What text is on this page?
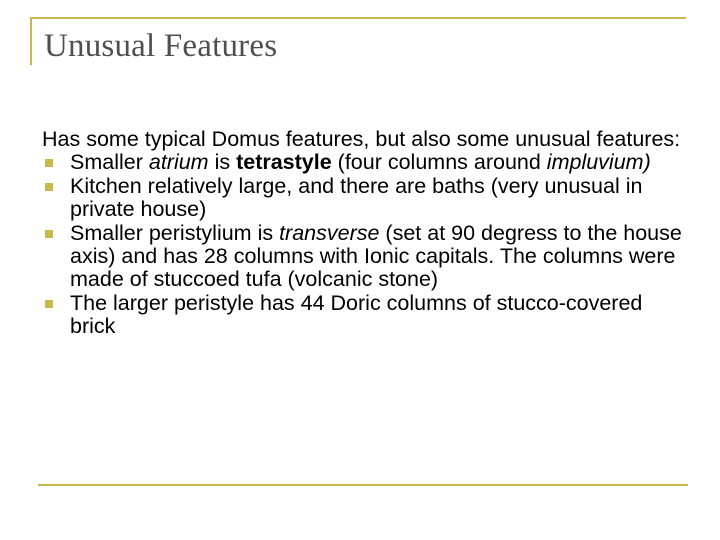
Unusual Features

Has some typical Domus features, but also some unusual features:

Smaller atrium is tetrastyle (four columns around impluvium)
Kitchen relatively large, and there are baths (very unusual in private house)
Smaller peristylium is transverse (set at 90 degress to the house axis) and has 28 columns with Ionic capitals. The columns were made of stuccoed tufa (volcanic stone)
The larger peristyle has 44 Doric columns of stucco-covered brick
